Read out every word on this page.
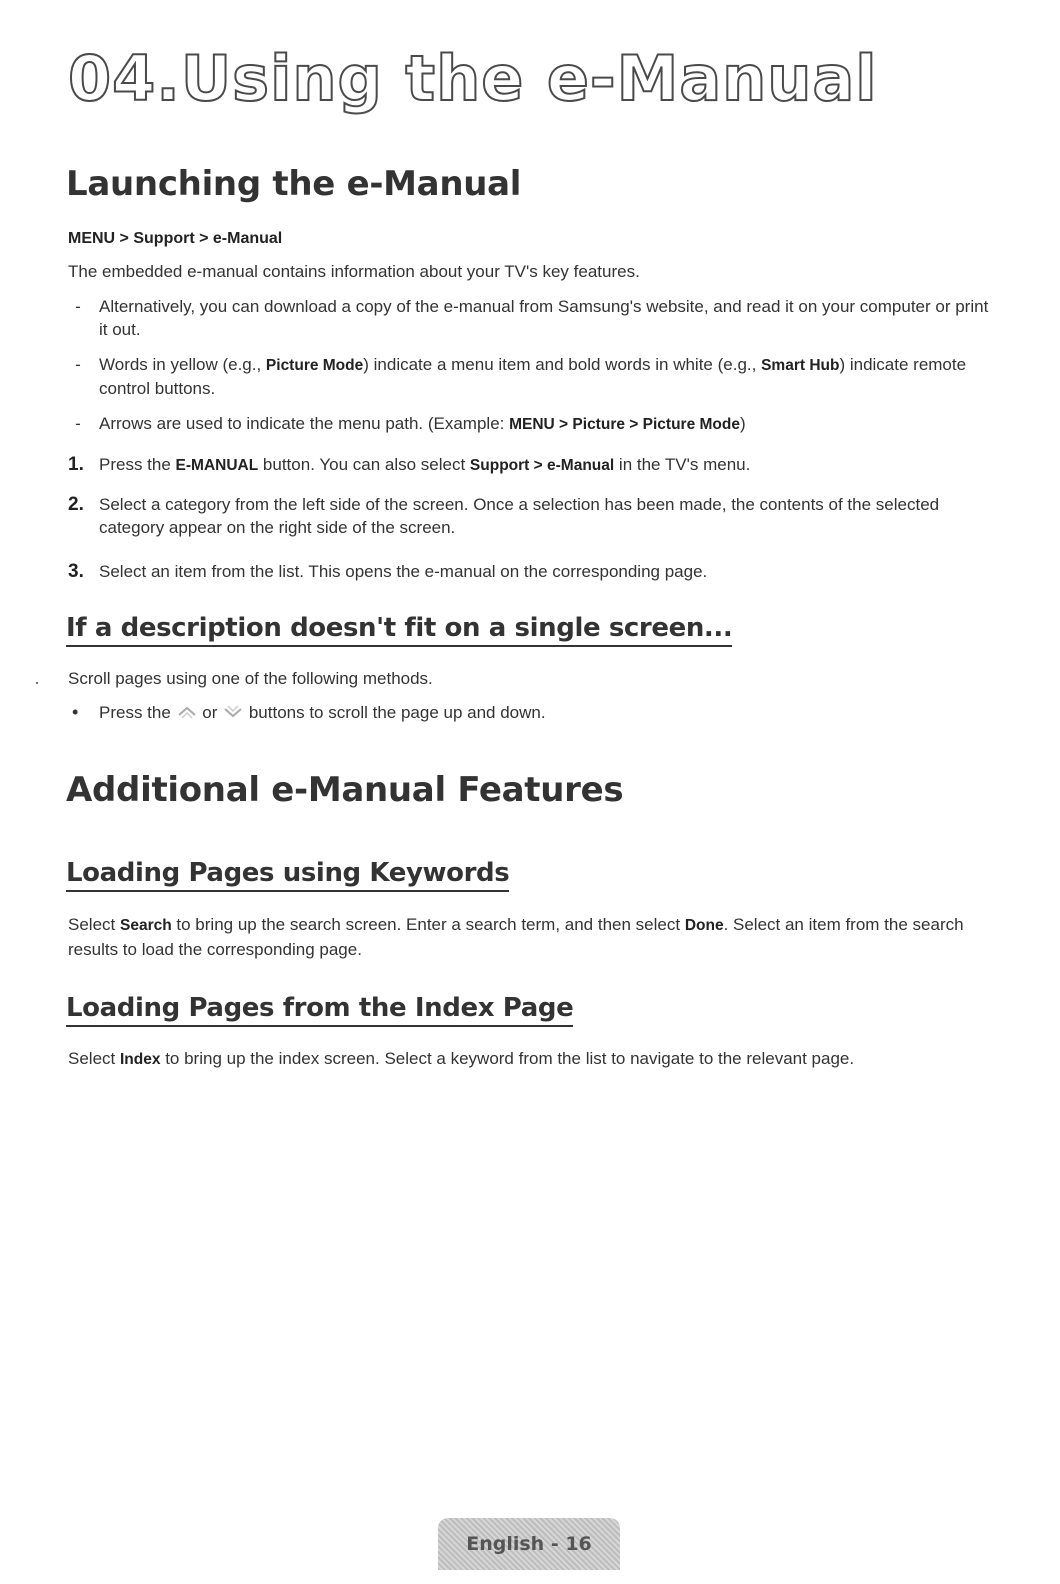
04.Using the e-Manual
Launching the e-Manual
MENU > Support > e-Manual

The embedded e-manual contains information about your TV's key features.

-	Alternatively, you can download a copy of the e-manual from Samsung's website, and read it on your computer or print it out.
-	Words in yellow (e.g., Picture Mode) indicate a menu item and bold words in white (e.g., Smart Hub) indicate remote control buttons.
-	Arrows are used to indicate the menu path. (Example: MENU > Picture > Picture Mode)
1. Press the E-MANUAL button. You can also select Support > e-Manual in the TV's menu.
2. Select a category from the left side of the screen. Once a selection has been made, the contents of the selected category appear on the right side of the screen.
3. Select an item from the list. This opens the e-manual on the corresponding page.
If a description doesn't fit on a single screen...

Scroll pages using one of the following methods.

• Press the  or  buttons to scroll the page up and down.
Additional e-Manual Features
Loading Pages using Keywords

Select Search to bring up the search screen. Enter a search term, and then select Done. Select an item from the search results to load the corresponding page.

Loading Pages from the Index Page

Select Index to bring up the index screen. Select a keyword from the list to navigate to the relevant page.

English - 16
